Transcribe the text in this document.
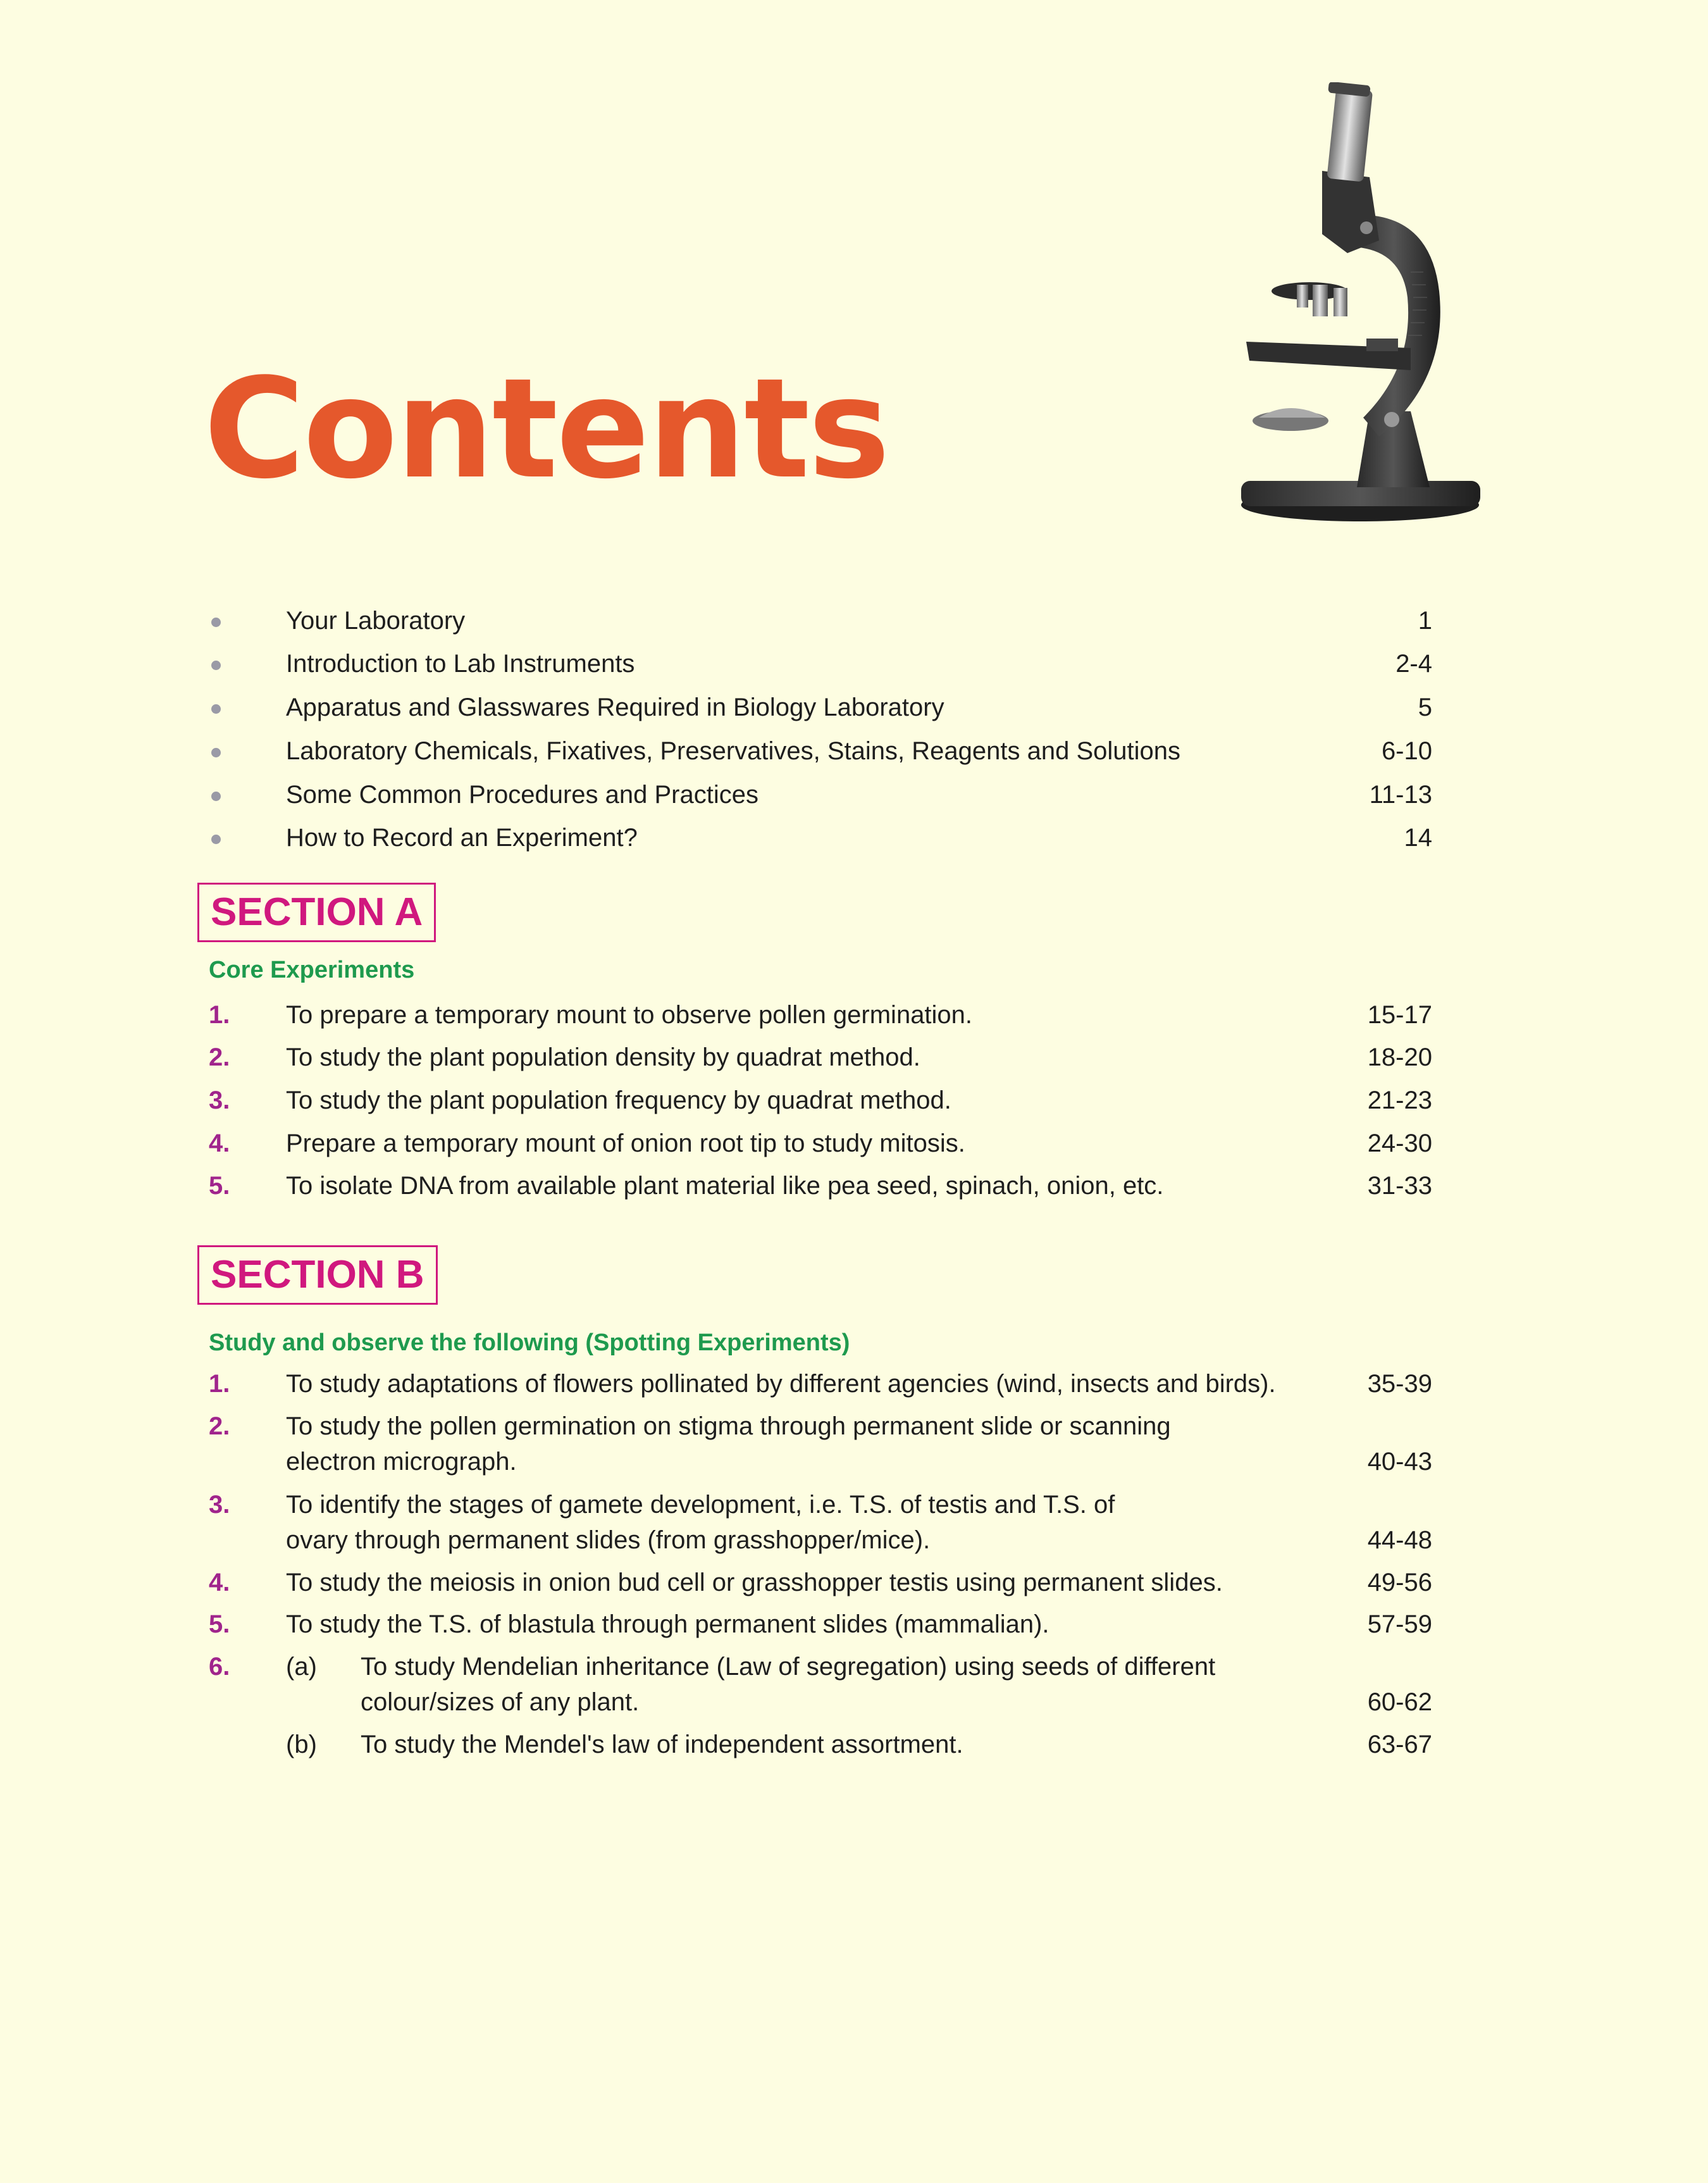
Contents
Your Laboratory	1
Introduction to Lab Instruments	2-4
Apparatus and Glasswares Required in Biology Laboratory	5
Laboratory Chemicals, Fixatives, Preservatives, Stains, Reagents and Solutions	6-10
Some Common Procedures and Practices	11-13
How to Record an Experiment?	14
SECTION A
Core Experiments
1. To prepare a temporary mount to observe pollen germination.	15-17
2. To study the plant population density by quadrat method.	18-20
3. To study the plant population frequency by quadrat method.	21-23
4. Prepare a temporary mount of onion root tip to study mitosis.	24-30
5. To isolate DNA from available plant material like pea seed, spinach, onion, etc.	31-33
SECTION B
Study and observe the following (Spotting Experiments)
1. To study adaptations of flowers pollinated by different agencies (wind, insects and birds).	35-39
2. To study the pollen germination on stigma through permanent slide or scanning
electron micrograph.	40-43
3. To identify the stages of gamete development, i.e. T.S. of testis and T.S. of
ovary through permanent slides (from grasshopper/mice).	44-48
4. To study the meiosis in onion bud cell or grasshopper testis using permanent slides.	49-56
5. To study the T.S. of blastula through permanent slides (mammalian).	57-59
6. (a) To study Mendelian inheritance (Law of segregation) using seeds of different
colour/sizes of any plant.	60-62
(b) To study the Mendel's law of independent assortment.	63-67
